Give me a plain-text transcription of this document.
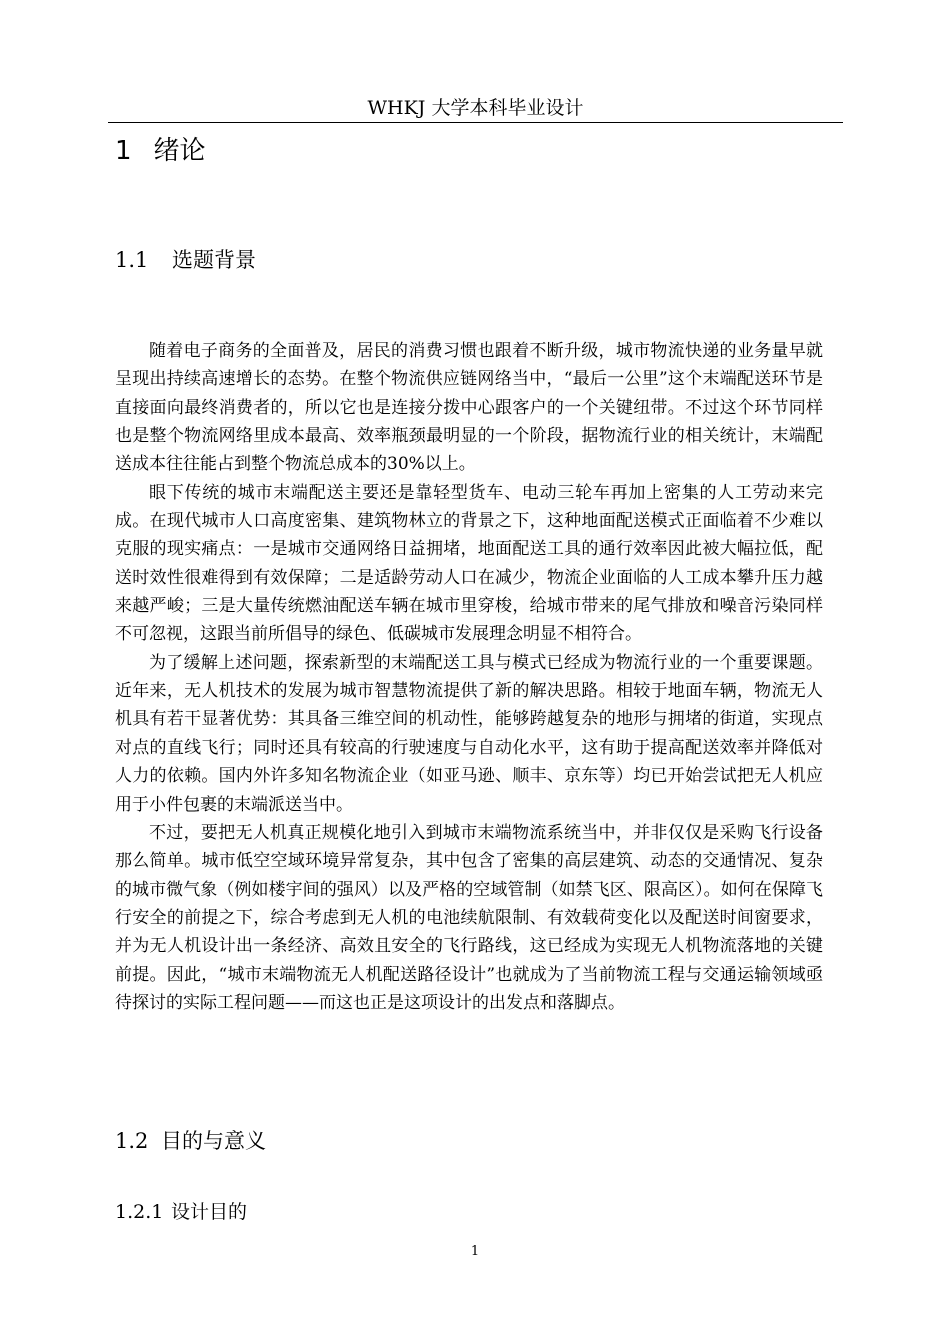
WHKJ 大学本科毕业设计
1 绪论
1.1 选题背景

随着电子商务的全面普及，居民的消费习惯也跟着不断升级，城市物流快递的业务量早就呈现出持续高速增长的态势。在整个物流供应链网络当中，“最后一公里”这个末端配送环节是直接面向最终消费者的，所以它也是连接分拨中心跟客户的一个关键纽带。不过这个环节同样也是整个物流网络里成本最高、效率瓶颈最明显的一个阶段，据物流行业的相关统计，末端配送成本往往能占到整个物流总成本的30%以上。

眼下传统的城市末端配送主要还是靠轻型货车、电动三轮车再加上密集的人工劳动来完成。在现代城市人口高度密集、建筑物林立的背景之下，这种地面配送模式正面临着不少难以克服的现实痛点：一是城市交通网络日益拥堵，地面配送工具的通行效率因此被大幅拉低，配送时效性很难得到有效保障；二是适龄劳动人口在减少，物流企业面临的人工成本攀升压力越来越严峻；三是大量传统燃油配送车辆在城市里穿梭，给城市带来的尾气排放和噪音污染同样不可忽视，这跟当前所倡导的绿色、低碳城市发展理念明显不相符合。

为了缓解上述问题，探索新型的末端配送工具与模式已经成为物流行业的一个重要课题。近年来，无人机技术的发展为城市智慧物流提供了新的解决思路。相较于地面车辆，物流无人机具有若干显著优势：其具备三维空间的机动性，能够跨越复杂的地形与拥堵的街道，实现点对点的直线飞行；同时还具有较高的行驶速度与自动化水平，这有助于提高配送效率并降低对人力的依赖。国内外许多知名物流企业（如亚马逊、顺丰、京东等）均已开始尝试把无人机应用于小件包裹的末端派送当中。

不过，要把无人机真正规模化地引入到城市末端物流系统当中，并非仅仅是采购飞行设备那么简单。城市低空空域环境异常复杂，其中包含了密集的高层建筑、动态的交通情况、复杂的城市微气象（例如楼宇间的强风）以及严格的空域管制（如禁飞区、限高区）。如何在保障飞行安全的前提之下，综合考虑到无人机的电池续航限制、有效载荷变化以及配送时间窗要求，并为无人机设计出一条经济、高效且安全的飞行路线，这已经成为实现无人机物流落地的关键前提。因此，“城市末端物流无人机配送路径设计”也就成为了当前物流工程与交通运输领域亟待探讨的实际工程问题——而这也正是这项设计的出发点和落脚点。

1.2 目的与意义
1.2.1 设计目的
1
